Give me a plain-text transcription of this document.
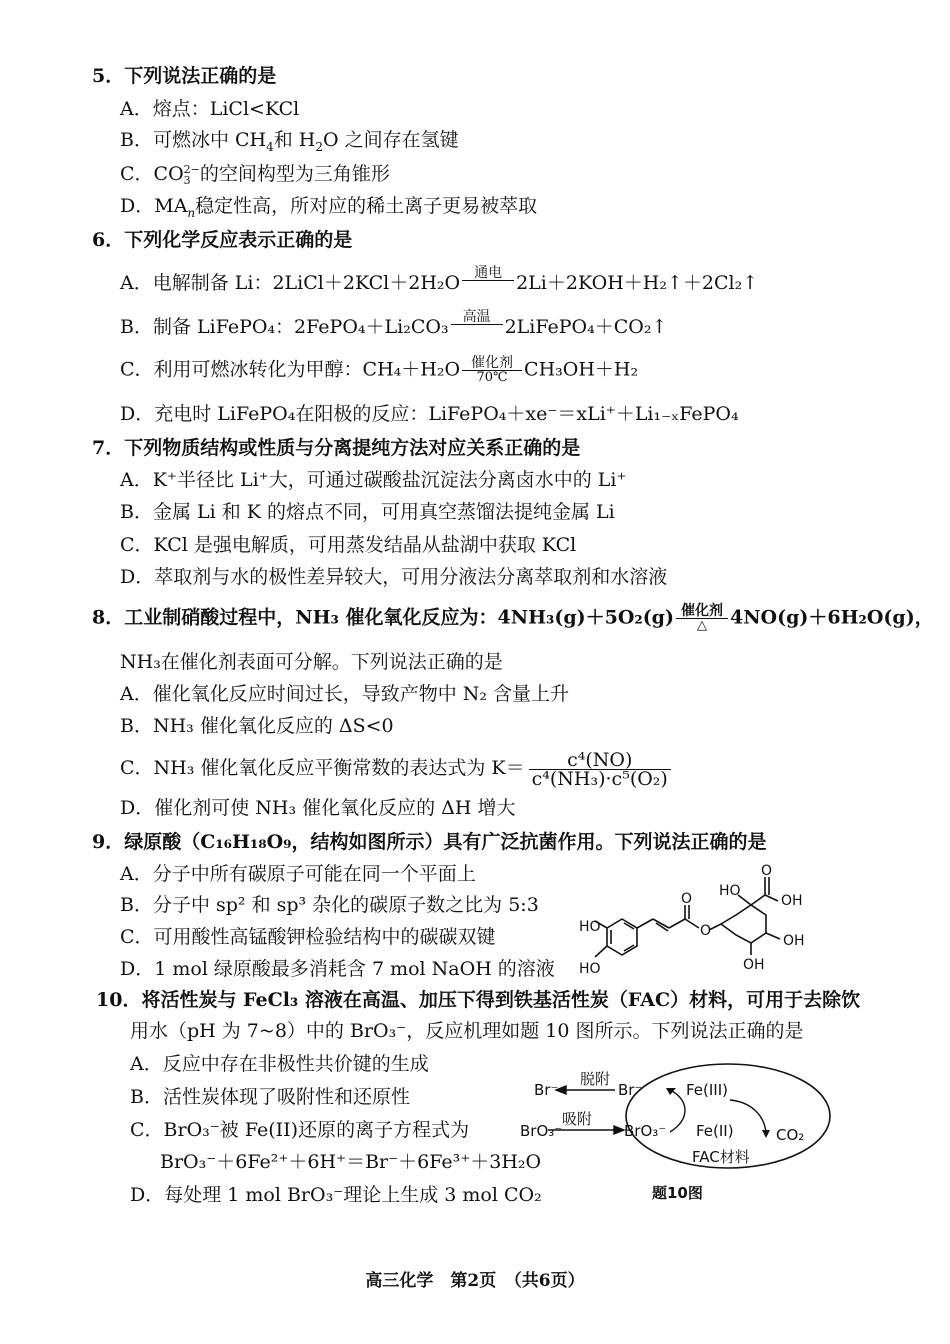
5．下列说法正确的是
A．熔点：LiCl<KCl
B．可燃冰中 $CH_4$和 $H_2O$ 之间存在氢键
C．CO 2−
3 的空间构型为三角锥形
D．$MA_n$稳定性高，所对应的稀土离子更易被萃取
6．下列化学反应表示正确的是
A．电解制备 Li：2LiCl＋2KCl＋2H₂O	通电 2Li＋2KOH＋H₂↑＋2Cl₂↑
B．制备 LiFePO₄：2FePO₄＋Li₂CO₃	高温 2LiFePO₄＋CO₂↑
C．利用可燃冰转化为甲醇：CH₄＋H₂O 催化剂
70℃ CH₃OH＋H₂
D．充电时 LiFePO₄在阳极的反应：LiFePO₄＋xe⁻＝xLi⁺＋Li₁₋ₓFePO₄
7．下列物质结构或性质与分离提纯方法对应关系正确的是
A．K⁺半径比 Li⁺大，可通过碳酸盐沉淀法分离卤水中的 Li⁺
B．金属 Li 和 K 的熔点不同，可用真空蒸馏法提纯金属 Li
C．KCl 是强电解质，可用蒸发结晶从盐湖中获取 KCl
D．萃取剂与水的极性差异较大，可用分液法分离萃取剂和水溶液
8．工业制硝酸过程中，NH₃ 催化氧化反应为：4NH₃(g)＋5O₂(g) 催化剂
△	4NO(g)＋6H₂O(g)，
NH₃在催化剂表面可分解。下列说法正确的是
A．催化氧化反应时间过长，导致产物中 N₂ 含量上升
B．NH₃ 催化氧化反应的 ΔS<0
C．NH₃ 催化氧化反应平衡常数的表达式为 $K= \frac{\text{c⁴(NO)}}{\text{c⁴(NH₃)·c⁵(O₂)}}$
D．催化剂可使 NH₃ 催化氧化反应的 ΔH 增大
9．绿原酸（C₁₆H₁₈O₉，结构如图所示）具有广泛抗菌作用。下列说法正确的是
A．分子中所有碳原子可能在同一个平面上
B．分子中 sp² 和 sp³ 杂化的碳原子数之比为 5:3
C．可用酸性高锰酸钾检验结构中的碳碳双键
D．1 mol 绿原酸最多消耗含 7 mol NaOH 的溶液
HO
HO
HO
OH
OH
OH
O
O
O
10．将活性炭与 FeCl₃ 溶液在高温、加压下得到铁基活性炭（FAC）材料，可用于去除饮
用水（pH 为 7~8）中的 BrO₃⁻，反应机理如题 10 图所示。下列说法正确的是
A．反应中存在非极性共价键的生成
B．活性炭体现了吸附性和还原性
C．BrO₃⁻被 Fe(II)还原的离子方程式为
BrO₃⁻＋6Fe²⁺＋6H⁺＝Br⁻＋6Fe³⁺＋3H₂O
D．每处理 1 mol BrO₃⁻理论上生成 3 mol CO₂
Br⁻
脱附
Br⁻	Fe(III)
BrO₃⁻
吸附
BrO₃⁻ Fe(II)	CO₂
FAC材料
题10图
高三化学　第2页　（共6页）
